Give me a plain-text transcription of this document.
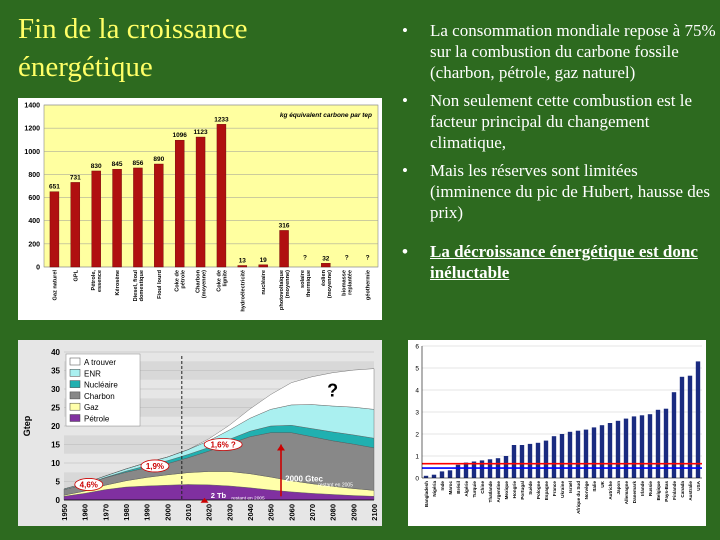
Fin de la croissance énergétique
• La consommation mondiale repose à 75% sur la combustion du carbone fossile (charbon, pétrole, gaz naturel)
• Non seulement cette combustion est le facteur principal du changement climatique,
• Mais les réserves sont limitées (imminence du pic de Hubert, hausse des prix)
• La décroissance énergétique est donc inéluctable
0
200
400
600
800
1000
1200
1400
651
Gaz naturel
731
GPL
830
Pétrole, essence
845
Kérosène
856
Diesel, fioul domestique
890
Fioul lourd
1096
Coke de pétrole
1123
Charbon (moyenne)
1233
Coke de lignite
13
hydroélectricité
19
nucléaire
316
photovoltaïque (moyenne)
?
solaire thermique
32
éolien (moyenne)
?
biomasse replantée
?
géothermie
kg équivalent carbone par tep
0
5
10
15
20
25
30
35
40
1950 1960 1970 1980 1990 2000 2010 2020 2030 2040 2050 2060 2070 2080 2090 2100
Gtep
A trouver
ENR
Nucléaire
Charbon
Gaz
Pétrole
?
1,6% ?
1,9%
4,6%
2000 Gtec
restant en 2005
2 Tb restant en 2005
0
1
2
3
4
5
6
Bangladesh Nigéria Inde Maroc Brésil Algérie Turquie Chine Thaïlande Argentine Mexique Hongrie Portugal Suède Pologne Espagne France Ukraine Israël Afrique du Sud Norvège Italie UK Autriche Japon Allemagne Danemark Irlande Russie Belgique Pays-Bas Finlande Canada Australie USA
